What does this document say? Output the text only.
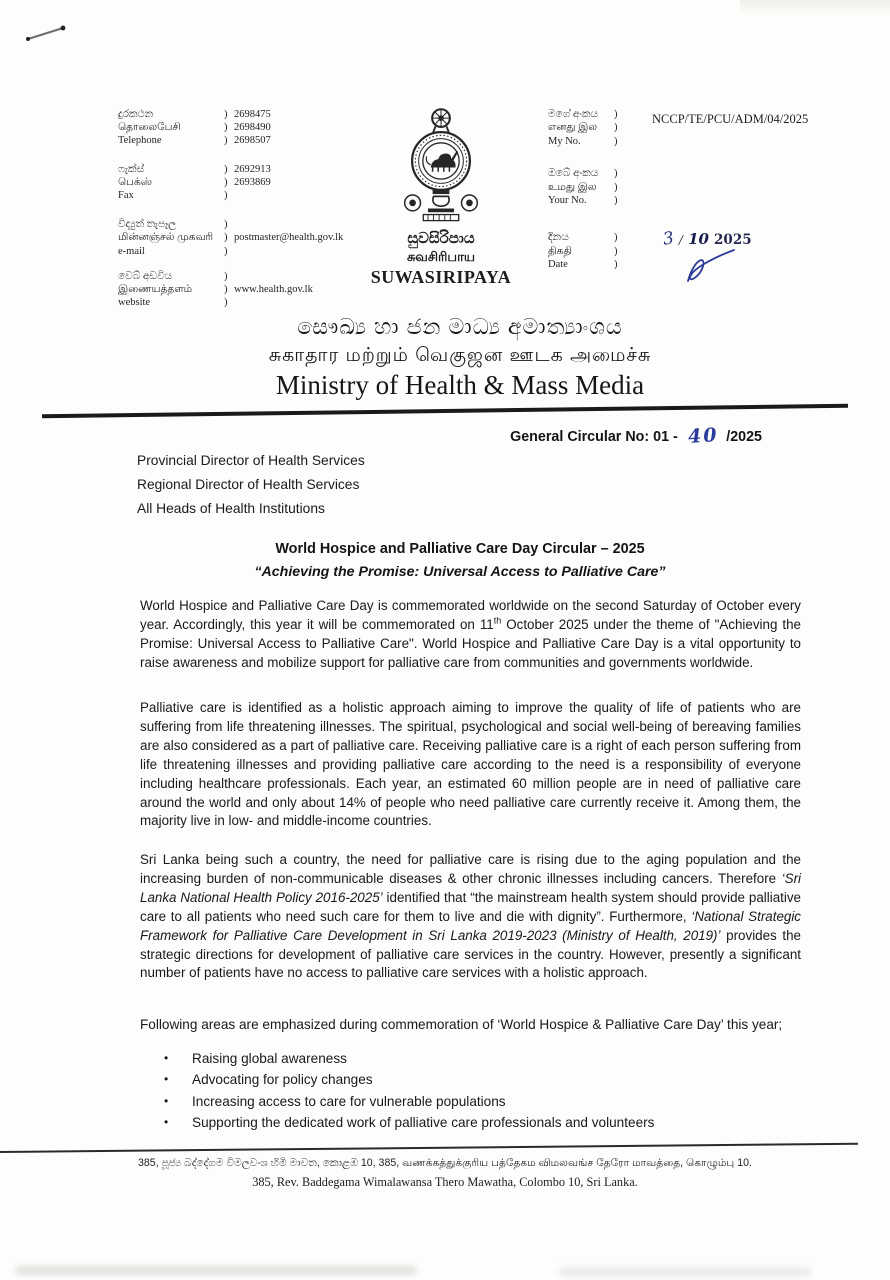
දුරකථන	) 2698475
தொலைபேசி	) 2698490
Telephone	) 2698507
ෆැක්ස්	) 2692913
பெக்ஸ்	) 2693869
Fax	)
විද්‍යුත් තැපෑල	)
மின்னஞ்சல் முகவரி	) postmaster@health.gov.lk
e-mail	)
වෙබ් අඩවිය	)
இணையத்தளம்	) www.health.gov.lk
website	)
සුවසිරිපාය
சுவசிரிபாய
SUWASIRIPAYA
මගේ අංකය	)
எனது இல	)
My No.	)
ඔබේ අංකය	)
உமது இல	)
Your No.	)
දිනය	)
திகதி	)
Date	)
NCCP/TE/PCU/ADM/04/2025
3 / 10 2025
සෞඛ්‍ය හා ජන මාධ්‍ය අමාත්‍යාංශය
சுகாதார மற்றும் வெகுஜன ஊடக அமைச்சு
Ministry of Health & Mass Media
General Circular No: 01 - 40 /2025
Provincial Director of Health Services
Regional Director of Health Services
All Heads of Health Institutions
World Hospice and Palliative Care Day Circular – 2025
“Achieving the Promise: Universal Access to Palliative Care”
World Hospice and Palliative Care Day is commemorated worldwide on the second Saturday of October every year. Accordingly, this year it will be commemorated on 11th October 2025 under the theme of "Achieving the Promise: Universal Access to Palliative Care". World Hospice and Palliative Care Day is a vital opportunity to raise awareness and mobilize support for palliative care from communities and governments worldwide.
Palliative care is identified as a holistic approach aiming to improve the quality of life of patients who are suffering from life threatening illnesses. The spiritual, psychological and social well-being of bereaving families are also considered as a part of palliative care. Receiving palliative care is a right of each person suffering from life threatening illnesses and providing palliative care according to the need is a responsibility of everyone including healthcare professionals. Each year, an estimated 60 million people are in need of palliative care around the world and only about 14% of people who need palliative care currently receive it. Among them, the majority live in low- and middle-income countries.
Sri Lanka being such a country, the need for palliative care is rising due to the aging population and the increasing burden of non-communicable diseases & other chronic illnesses including cancers. Therefore ‘Sri Lanka National Health Policy 2016-2025’ identified that “the mainstream health system should provide palliative care to all patients who need such care for them to live and die with dignity”. Furthermore, ‘National Strategic Framework for Palliative Care Development in Sri Lanka 2019-2023 (Ministry of Health, 2019)’ provides the strategic directions for development of palliative care services in the country. However, presently a significant number of patients have no access to palliative care services with a holistic approach.
Following areas are emphasized during commemoration of ‘World Hospice & Palliative Care Day’ this year;
•	Raising global awareness
•	Advocating for policy changes
•	Increasing access to care for vulnerable populations
•	Supporting the dedicated work of palliative care professionals and volunteers
385, පූජ්‍ය බද්දේගම විමලවංශ හිමි මාවත, කොළඹ 10, 385, வணக்கத்துக்குரிய பத்தேகம விமலவங்ச தேரோ மாவத்தை, கொழும்பு 10.
385, Rev. Baddegama Wimalawansa Thero Mawatha, Colombo 10, Sri Lanka.
